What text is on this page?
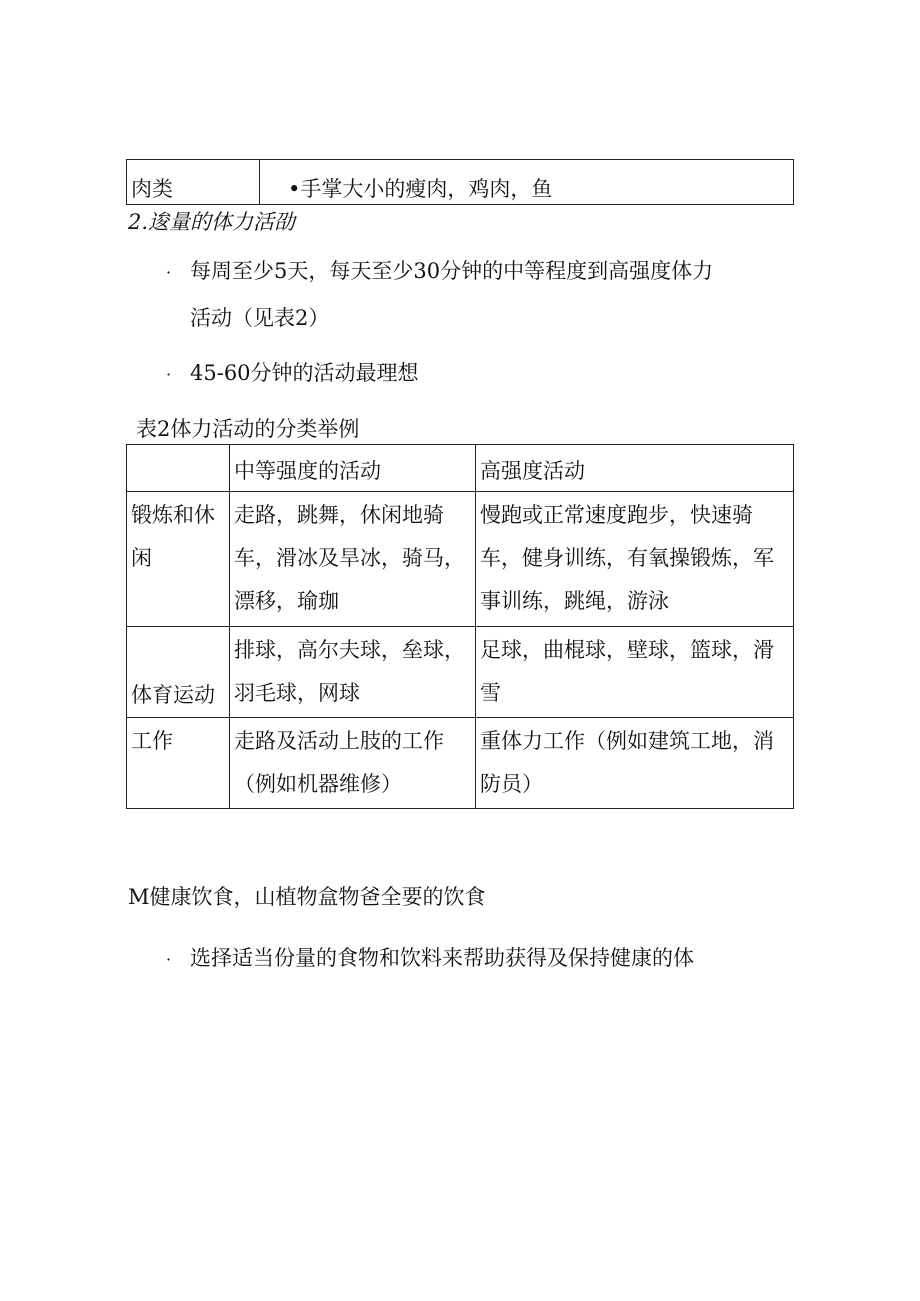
肉类	•手掌大小的瘦肉，鸡肉，鱼
2.逡量的体力活劭
· 每周至少5天，每天至少30分钟的中等程度到高强度体力
活动（见表2）
· 45-60分钟的活动最理想
表2体力活动的分类举例
	中等强度的活动	高强度活动
锻炼和休闲	走路，跳舞，休闲地骑车，滑冰及旱冰，骑马，漂移，瑜珈	慢跑或正常速度跑步，快速骑车，健身训练，有氧操锻炼，军事训练，跳绳，游泳
体育运动	排球，高尔夫球，垒球，羽毛球，网球	足球，曲棍球，壁球，篮球，滑雪
工作	走路及活动上肢的工作（例如机器维修）	重体力工作（例如建筑工地，消防员）
M健康饮食，山植物盒物爸全要的饮食
· 选择适当份量的食物和饮料来帮助获得及保持健康的体
